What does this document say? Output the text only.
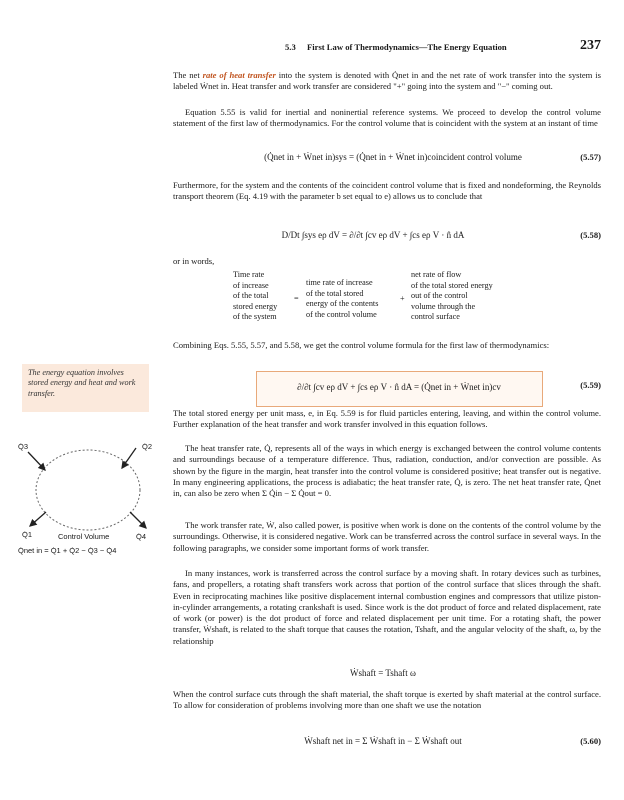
5.3 First Law of Thermodynamics—The Energy Equation	237

The net rate of heat transfer into the system is denoted with Q̇net in and the net rate of work transfer into the system is labeled Ẇnet in. Heat transfer and work transfer are considered "+" going into the system and "−" coming out.

Equation 5.55 is valid for inertial and noninertial reference systems. We proceed to develop the control volume statement of the first law of thermodynamics. For the control volume that is coincident with the system at an instant of time

(Q̇net in + Ẇnet in)sys = (Q̇net in + Ẇnet in)coincident control volume	(5.57)

Furthermore, for the system and the contents of the coincident control volume that is fixed and nondeforming, the Reynolds transport theorem (Eq. 4.19 with the parameter b set equal to e) allows us to conclude that

D/Dt ∫sys eρ dV = ∂/∂t ∫cv eρ dV + ∫cs eρ V · n̂ dA	(5.58)

or in words,

Time rate
of increase
of the total
stored energy
of the system
=
time rate of increase
of the total stored
energy of the contents
of the control volume
+
net rate of flow
of the total stored energy
out of the control
volume through the
control surface

Combining Eqs. 5.55, 5.57, and 5.58, we get the control volume formula for the first law of thermodynamics:

The energy equation involves stored energy and heat and work transfer.
∂/∂t ∫cv eρ dV + ∫cs eρ V · n̂ dA = (Q̇net in + Ẇnet in)cv	(5.59)

The total stored energy per unit mass, e, in Eq. 5.59 is for fluid particles entering, leaving, and within the control volume. Further explanation of the heat transfer and work transfer involved in this equation follows.

The heat transfer rate, Q̇, represents all of the ways in which energy is exchanged between the control volume contents and surroundings because of a temperature difference. Thus, radiation, conduction, and/or convection are possible. As shown by the figure in the margin, heat transfer into the control volume is considered positive; heat transfer out is negative. In many engineering applications, the process is adiabatic; the heat transfer rate, Q̇, is zero. The net heat transfer rate, Q̇net in, can also be zero when Σ Q̇in − Σ Q̇out = 0.

The work transfer rate, Ẇ, also called power, is positive when work is done on the contents of the control volume by the surroundings. Otherwise, it is considered negative. Work can be transferred across the control surface in several ways. In the following paragraphs, we consider some important forms of work transfer.

In many instances, work is transferred across the control surface by a moving shaft. In rotary devices such as turbines, fans, and propellers, a rotating shaft transfers work across that portion of the control surface that slices through the shaft. Even in reciprocating machines like positive displacement internal combustion engines and compressors that utilize piston-in-cylinder arrangements, a rotating crankshaft is used. Since work is the dot product of force and related displacement, rate of work (or power) is the dot product of force and related displacement per unit time. For a rotating shaft, the power transfer, Ẇshaft, is related to the shaft torque that causes the rotation, Tshaft, and the angular velocity of the shaft, ω, by the relationship

Ẇshaft = Tshaft ω

When the control surface cuts through the shaft material, the shaft torque is exerted by shaft material at the control surface. To allow for consideration of problems involving more than one shaft we use the notation

Ẇshaft net in = Σ Ẇshaft in − Σ Ẇshaft out	(5.60)
Q̇3	Q̇2
Q̇4
Q̇1	Control Volume
Q̇net in = Q̇1 + Q̇2 − Q̇3 − Q̇4
